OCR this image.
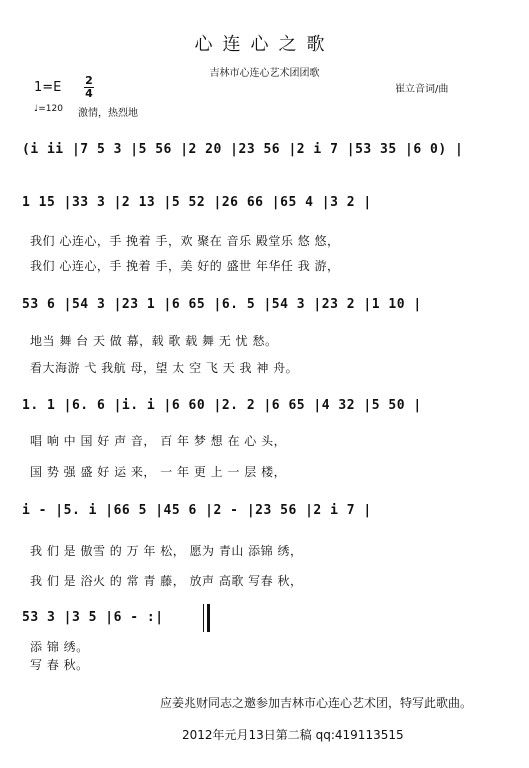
心连心之歌
吉林市心连心艺术团团歌
崔立音词/曲
1=E 2
4
♩=120 激情，热烈地
(i ii |7 5 3 |5 56 |2 20 |23 56 |2 i 7 |53 35 |6 0) |
1 15 |33 3 |2 13 |5 52 |26 66 |65 4 |3 2 |
我们 心连心，手 挽着 手，欢 聚在 音乐 殿堂乐 悠 悠，
我们 心连心，手 挽着 手，美 好的 盛世 年华任 我 游，
53 6 |54 3 |23 1 |6 65 |6. 5 |54 3 |23 2 |1 10 |
地当 舞 台 天 做 幕，载 歌 载 舞 无 忧 愁。
看大海游 弋 我航 母，望 太 空 飞 天 我 神 舟。
1. 1 |6. 6 |i. i |6 60 |2. 2 |6 65 |4 32 |5 50 |
唱 响 中 国 好 声 音， 百 年 梦 想 在 心 头，
国 势 强 盛 好 运 来， 一 年 更 上 一 层 楼，
i - |5. i |66 5 |45 6 |2 - |23 56 |2 i 7 |
我 们 是 傲雪 的 万 年 松， 愿为 青山 添锦 绣，
我 们 是 浴火 的 常 青 藤， 放声 高歌 写春 秋，
53 3 |3 5 |6 - :|
添 锦 绣。
写 春 秋。
应姜兆财同志之邀参加吉林市心连心艺术团，特写此歌曲。
2012年元月13日第二稿 qq:419113515
